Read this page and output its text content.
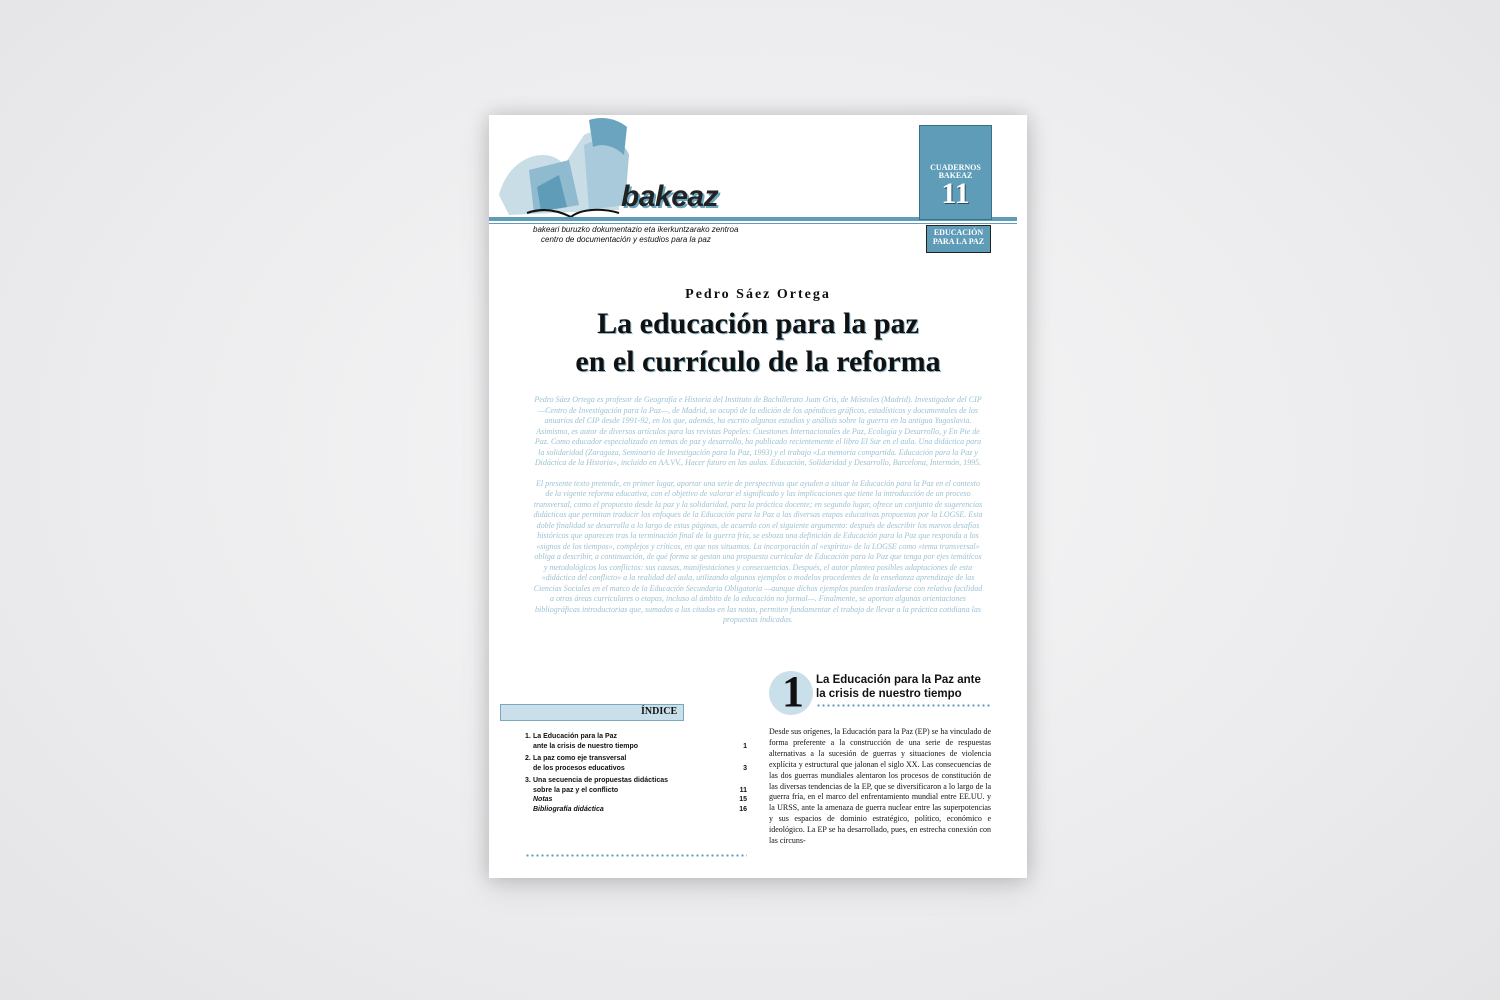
bakeaz
bakeari buruzko dokumentazio eta ikerkuntzarako zentroa
centro de documentación y estudios para la paz
CUADERNOS
BAKEAZ
11
EDUCACIÓN
PARA LA PAZ
Pedro Sáez Ortega
La educación para la paz
en el currículo de la reforma

Pedro Sáez Ortega es profesor de Geografía e Historia del Instituto de Bachillerato Juan Gris, de Móstoles (Madrid). Investigador del CIP —Centro de Investigación para la Paz—, de Madrid, se ocupó de la edición de los apéndices gráficos, estadísticos y documentales de los anuarios del CIP desde 1991-92, en los que, además, ha escrito algunos estudios y análisis sobre la guerra en la antigua Yugoslavia. Asimismo, es autor de diversos artículos para las revistas Papeles: Cuestiones Internacionales de Paz, Ecología y Desarrollo, y En Pie de Paz. Como educador especializado en temas de paz y desarrollo, ha publicado recientemente el libro El Sur en el aula. Una didáctica para la solidaridad (Zaragoza, Seminario de Investigación para la Paz, 1993) y el trabajo «La memoria compartida. Educación para la Paz y Didáctica de la Historia», incluido en AA.VV., Hacer futuro en las aulas. Educación, Solidaridad y Desarrollo, Barcelona, Intermón, 1995.

El presente texto pretende, en primer lugar, aportar una serie de perspectivas que ayuden a situar la Educación para la Paz en el contexto de la vigente reforma educativa, con el objetivo de valorar el significado y las implicaciones que tiene la introducción de un proceso transversal, como el propuesto desde la paz y la solidaridad, para la práctica docente; en segundo lugar, ofrece un conjunto de sugerencias didácticas que permitan traducir los enfoques de la Educación para la Paz a las diversas etapas educativas propuestas por la LOGSE. Esta doble finalidad se desarrolla a lo largo de estas páginas, de acuerdo con el siguiente argumento: después de describir los nuevos desafíos históricos que aparecen tras la terminación final de la guerra fría, se esboza una definición de Educación para la Paz que responda a los «signos de los tiempos», complejos y críticos, en que nos situamos. La incorporación al «espíritu» de la LOGSE como «tema transversal» obliga a describir, a continuación, de qué forma se gestan una propuesta curricular de Educación para la Paz que tenga por ejes temáticos y metodológicos los conflictos: sus causas, manifestaciones y consecuencias. Después, el autor plantea posibles adaptaciones de esta «didáctica del conflicto» a la realidad del aula, utilizando algunos ejemplos o modelos procedentes de la enseñanza aprendizaje de las Ciencias Sociales en el marco de la Educación Secundaria Obligatoria —aunque dichos ejemplos pueden trasladarse con relativa facilidad a otras áreas curriculares o etapas, incluso al ámbito de la educación no formal—. Finalmente, se aportan algunas orientaciones bibliográficas introductorias que, sumadas a las citadas en las notas, permiten fundamentar el trabajo de llevar a la práctica cotidiana las propuestas indicadas.

ÍNDICE
1. La Educación para la Paz
ante la crisis de nuestro tiempo	1
2. La paz como eje transversal
de los procesos educativos	3
3. Una secuencia de propuestas didácticas
sobre la paz y el conflicto	11
Notas	15
Bibliografía didáctica	16
1 La Educación para la Paz ante
la crisis de nuestro tiempo
Desde sus orígenes, la Educación para la Paz (EP) se ha vinculado de forma preferente a la construcción de una serie de respuestas alternativas a la sucesión de guerras y situaciones de violencia explícita y estructural que jalonan el siglo XX. Las consecuencias de las dos guerras mundiales alentaron los procesos de constitución de las diversas tendencias de la EP, que se diversificaron a lo largo de la guerra fría, en el marco del enfrentamiento mundial entre EE.UU. y la URSS, ante la amenaza de guerra nuclear entre las superpotencias y sus espacios de dominio estratégico, político, económico e ideológico. La EP se ha desarrollado, pues, en estrecha conexión con las circuns-
